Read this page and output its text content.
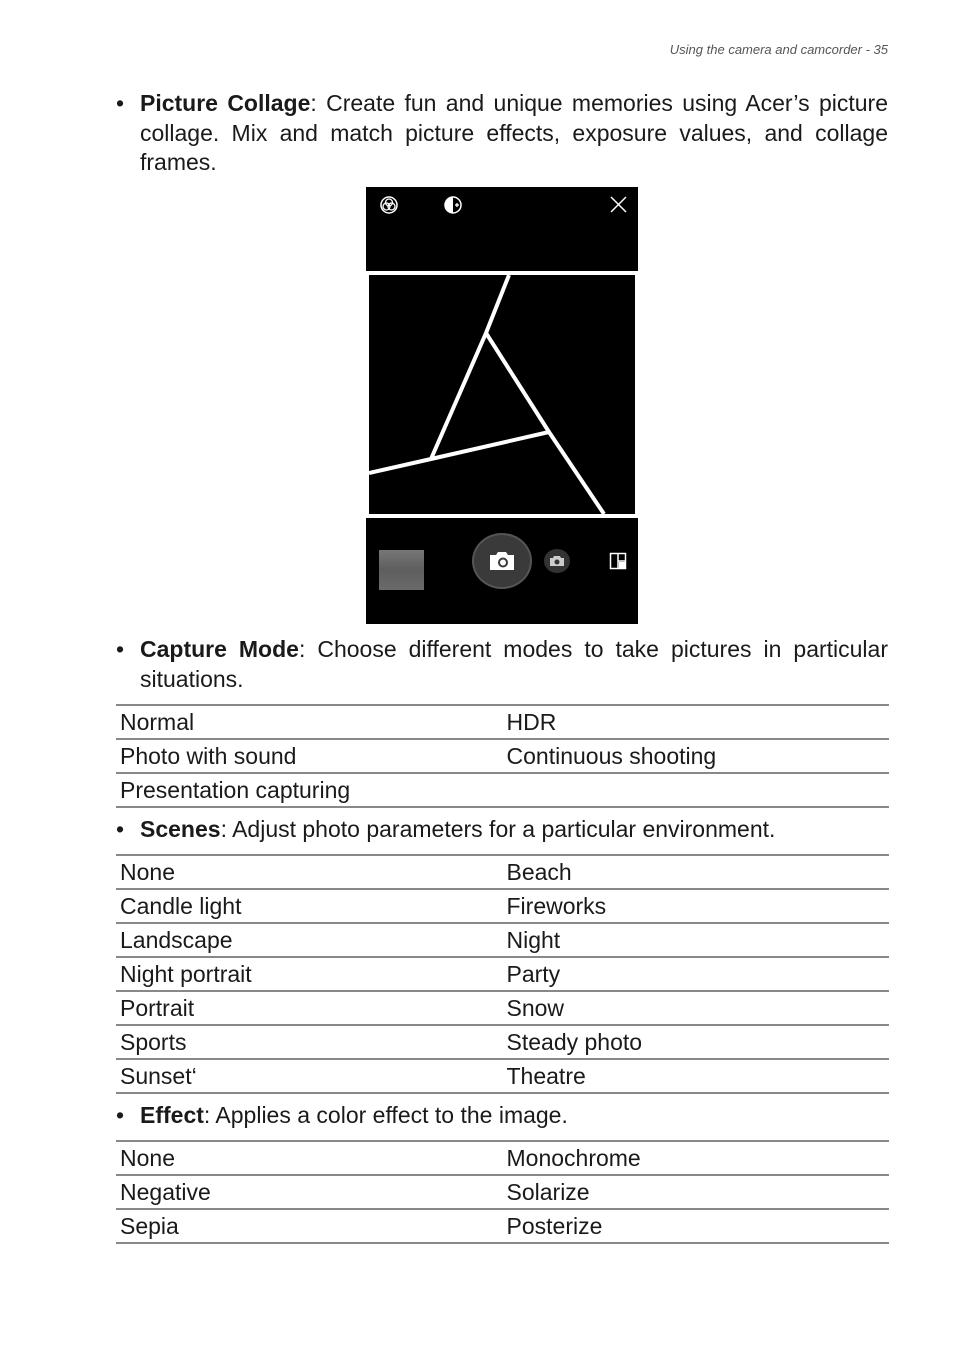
Using the camera and camcorder - 35
• Picture Collage: Create fun and unique memories using Acer’s picture collage. Mix and match picture effects, exposure values, and collage frames.
• Capture Mode: Choose different modes to take pictures in particular situations.
Normal	HDR
Photo with sound	Continuous shooting
Presentation capturing	
• Scenes: Adjust photo parameters for a particular environment.
None	Beach
Candle light	Fireworks
Landscape	Night
Night portrait	Party
Portrait	Snow
Sports	Steady photo
Sunset‘	Theatre
• Effect: Applies a color effect to the image.
None	Monochrome
Negative	Solarize
Sepia	Posterize
